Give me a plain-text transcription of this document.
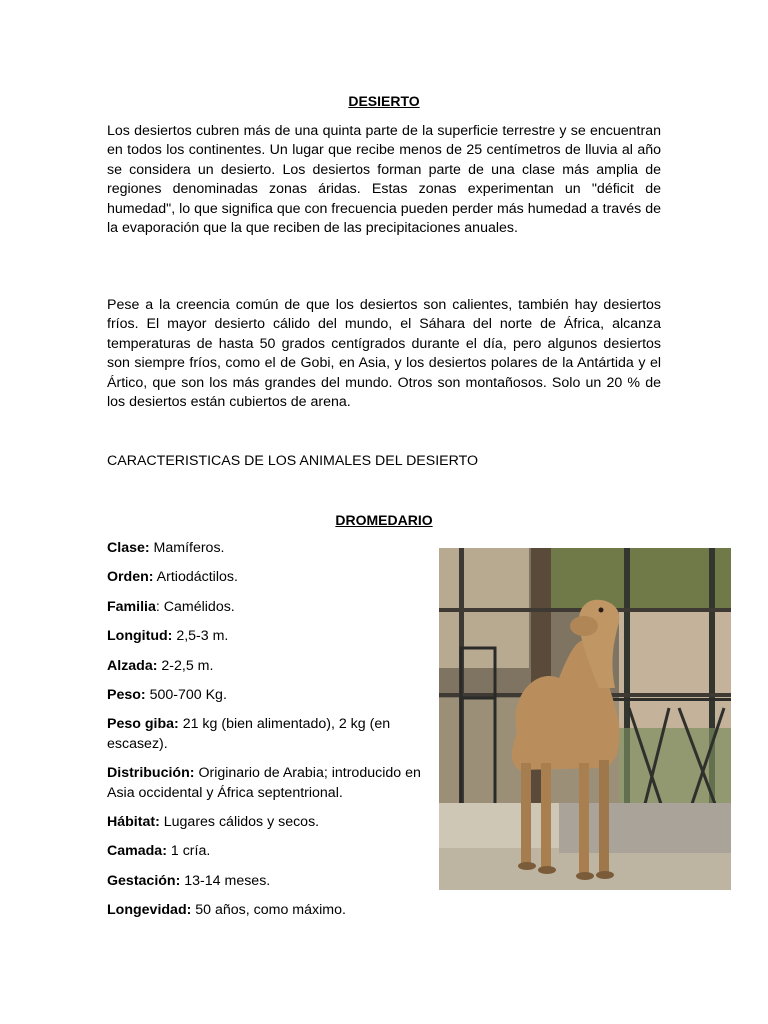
DESIERTO

Los desiertos cubren más de una quinta parte de la superficie terrestre y se encuentran en todos los continentes. Un lugar que recibe menos de 25 centímetros de lluvia al año se considera un desierto. Los desiertos forman parte de una clase más amplia de regiones denominadas zonas áridas. Estas zonas experimentan un "déficit de humedad", lo que significa que con frecuencia pueden perder más humedad a través de la evaporación que la que reciben de las precipitaciones anuales.

Pese a la creencia común de que los desiertos son calientes, también hay desiertos fríos. El mayor desierto cálido del mundo, el Sáhara del norte de África, alcanza temperaturas de hasta 50 grados centígrados durante el día, pero algunos desiertos son siempre fríos, como el de Gobi, en Asia, y los desiertos polares de la Antártida y el Ártico, que son los más grandes del mundo. Otros son montañosos. Solo un 20 % de los desiertos están cubiertos de arena.

CARACTERISTICAS DE LOS ANIMALES DEL DESIERTO
DROMEDARIO

Clase: Mamíferos.

Orden: Artiodáctilos.

Familia: Camélidos.

Longitud: 2,5-3 m.

Alzada: 2-2,5 m.

Peso: 500-700 Kg.

Peso giba: 21 kg (bien alimentado), 2 kg (en escasez).

Distribución: Originario de Arabia; introducido en Asia occidental y África septentrional.

Hábitat: Lugares cálidos y secos.

Camada: 1 cría.

Gestación: 13-14 meses.

Longevidad: 50 años, como máximo.
